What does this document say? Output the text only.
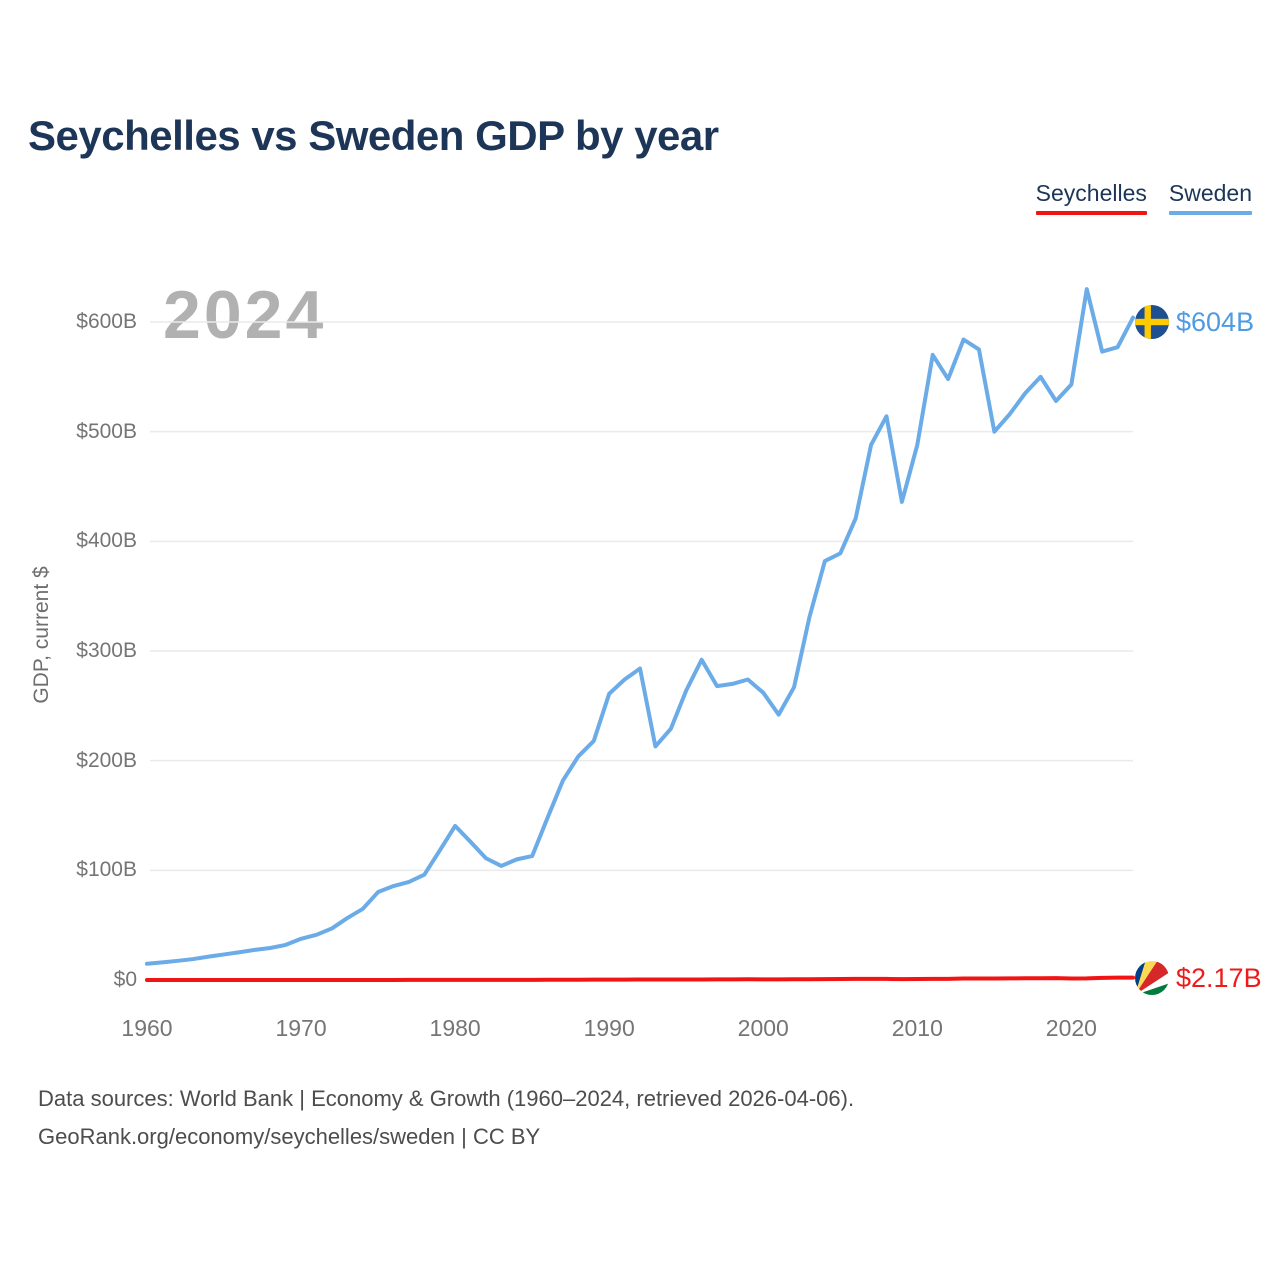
Seychelles vs Sweden GDP by year
Seychelles Sweden
2024
GDP, current $
$0
$100B
$200B
$300B
$400B
$500B
$600B
1960	1970	1980	1990	2000	2010	2020
$604B
$2.17B
Data sources: World Bank | Economy & Growth (1960–2024, retrieved 2026-04-06).
GeoRank.org/economy/seychelles/sweden | CC BY
